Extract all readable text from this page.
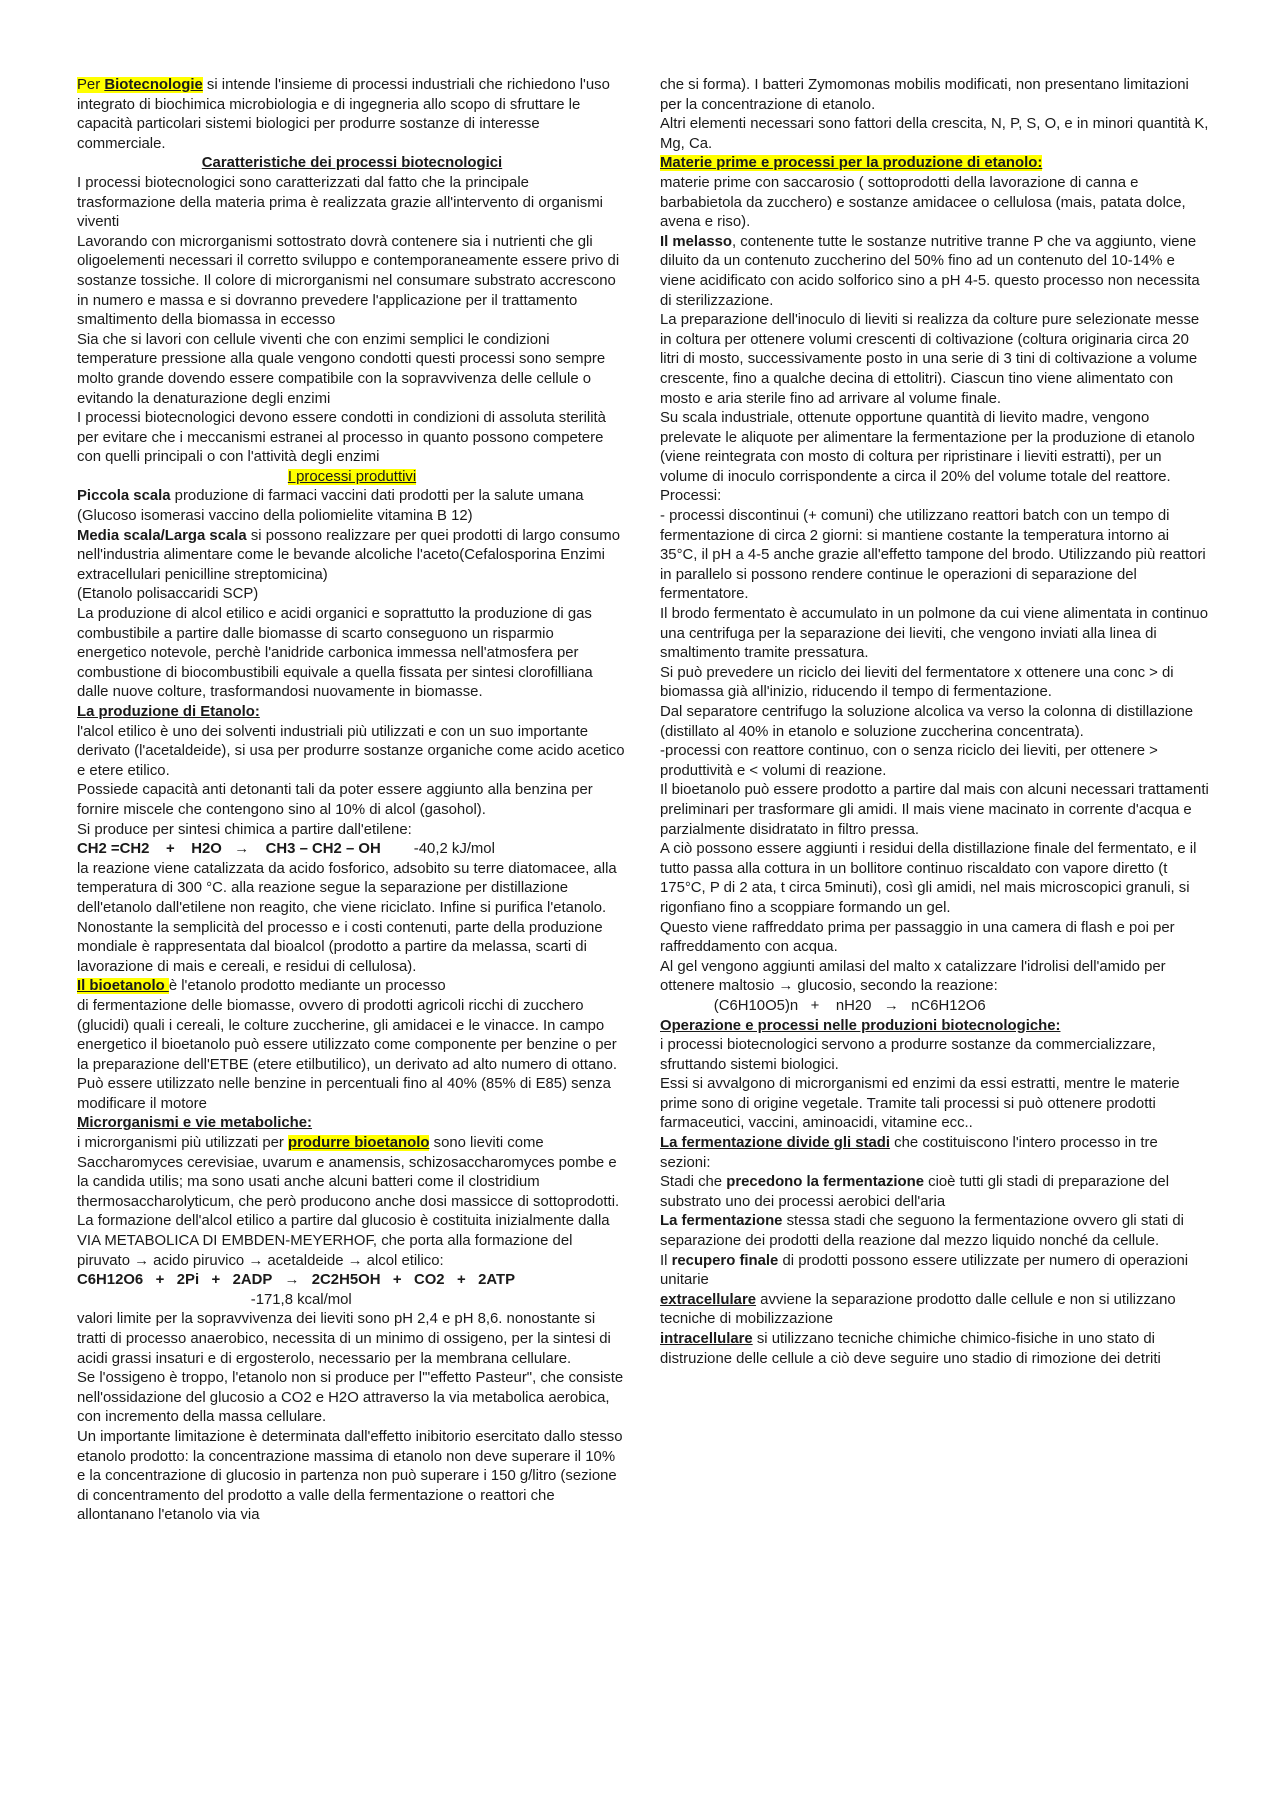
Per Biotecnologie si intende l'insieme di processi industriali che richiedono l'uso integrato di biochimica microbiologia e di ingegneria allo scopo di sfruttare le capacità particolari sistemi biologici per produrre sostanze di interesse commerciale.

Caratteristiche dei processi biotecnologici

I processi biotecnologici sono caratterizzati dal fatto che la principale trasformazione della materia prima è realizzata grazie all'intervento di organismi viventi

Lavorando con microrganismi sottostrato dovrà contenere sia i nutrienti che gli oligoelementi necessari il corretto sviluppo e contemporaneamente essere privo di sostanze tossiche. Il colore di microrganismi nel consumare substrato accrescono in numero e massa e si dovranno prevedere l'applicazione per il trattamento smaltimento della biomassa in eccesso

Sia che si lavori con cellule viventi che con enzimi semplici le condizioni temperature pressione alla quale vengono condotti questi processi sono sempre molto grande dovendo essere compatibile con la sopravvivenza delle cellule o evitando la denaturazione degli enzimi

I processi biotecnologici devono essere condotti in condizioni di assoluta sterilità per evitare che i meccanismi estranei al processo in quanto possono competere con quelli principali o con l'attività degli enzimi

I processi produttivi

Piccola scala produzione di farmaci vaccini dati prodotti per la salute umana (Glucoso isomerasi vaccino della poliomielite vitamina B 12)

Media scala/Larga scala si possono realizzare per quei prodotti di largo consumo nell'industria alimentare come le bevande alcoliche l'aceto(Cefalosporina Enzimi extracellulari penicilline streptomicina)

(Etanolo polisaccaridi SCP)

La produzione di alcol etilico e acidi organici e soprattutto la produzione di gas combustibile a partire dalle biomasse di scarto conseguono un risparmio energetico notevole, perchè l'anidride carbonica immessa nell'atmosfera per combustione di biocombustibili equivale a quella fissata per sintesi clorofilliana dalle nuove colture, trasformandosi nuovamente in biomasse.

La produzione di Etanolo:

l'alcol etilico è uno dei solventi industriali più utilizzati e con un suo importante derivato (l'acetaldeide), si usa per produrre sostanze organiche come acido acetico e etere etilico.

Possiede capacità anti detonanti tali da poter essere aggiunto alla benzina per fornire miscele che contengono sino al 10% di alcol (gasohol).

Si produce per sintesi chimica a partire dall'etilene:

CH2 =CH2    +    H2O   →    CH3 – CH2 – OH        -40,2 kJ/mol

la reazione viene catalizzata da acido fosforico, adsobito su terre diatomacee, alla temperatura di 300 °C. alla reazione segue la separazione per distillazione dell'etanolo dall'etilene non reagito, che viene riciclato. Infine si purifica l'etanolo.

Nonostante la semplicità del processo e i costi contenuti, parte della produzione mondiale è rappresentata dal bioalcol (prodotto a partire da melassa, scarti di lavorazione di mais e cereali, e residui di cellulosa).

Il bioetanolo è l'etanolo prodotto mediante un processo

di fermentazione delle biomasse, ovvero di prodotti agricoli ricchi di zucchero (glucidi) quali i cereali, le colture zuccherine, gli amidacei e le vinacce. In campo energetico il bioetanolo può essere utilizzato come componente per benzine o per la preparazione dell'ETBE (etere etilbutilico), un derivato ad alto numero di ottano. Può essere utilizzato nelle benzine in percentuali fino al 40% (85% di E85) senza modificare il motore

Microrganismi e vie metaboliche:

i microrganismi più utilizzati per produrre bioetanolo sono lieviti come Saccharomyces cerevisiae, uvarum e anamensis, schizosaccharomyces pombe e la candida utilis; ma sono usati anche alcuni batteri come il clostridium thermosaccharolyticum, che però producono anche dosi massicce di sottoprodotti.

La formazione dell'alcol etilico a partire dal glucosio è costituita inizialmente dalla VIA METABOLICA DI EMBDEN-MEYERHOF, che porta alla formazione del piruvato → acido piruvico → acetaldeide → alcol etilico:

C6H12O6   +   2Pi   +   2ADP   →   2C2H5OH   +   CO2   +   2ATP

-171,8 kcal/mol

valori limite per la sopravvivenza dei lieviti sono pH 2,4 e pH 8,6. nonostante si tratti di processo anaerobico, necessita di un minimo di ossigeno, per la sintesi di acidi grassi insaturi e di ergosterolo, necessario per la membrana cellulare.

Se l'ossigeno è troppo, l'etanolo non si produce per l'"effetto Pasteur", che consiste nell'ossidazione del glucosio a CO2 e H2O attraverso la via metabolica aerobica, con incremento della massa cellulare.

Un importante limitazione è determinata dall'effetto inibitorio esercitato dallo stesso etanolo prodotto: la concentrazione massima di etanolo non deve superare il 10% e la concentrazione di glucosio in partenza non può superare i 150 g/litro (sezione di concentramento del prodotto a valle della fermentazione o reattori che allontanano l'etanolo via via

che si forma). I batteri Zymomonas mobilis modificati, non presentano limitazioni per la concentrazione di etanolo.

Altri elementi necessari sono fattori della crescita, N, P, S, O, e in minori quantità K, Mg, Ca.

Materie prime e processi per la produzione di etanolo:

materie prime con saccarosio ( sottoprodotti della lavorazione di canna e barbabietola da zucchero) e sostanze amidacee o cellulosa (mais, patata dolce, avena e riso).

Il melasso, contenente tutte le sostanze nutritive tranne P che va aggiunto, viene diluito da un contenuto zuccherino del 50% fino ad un contenuto del 10-14% e viene acidificato con acido solforico sino a pH 4-5. questo processo non necessita di sterilizzazione.

La preparazione dell'inoculo di lieviti si realizza da colture pure selezionate messe in coltura per ottenere volumi crescenti di coltivazione (coltura originaria circa 20 litri di mosto, successivamente posto in una serie di 3 tini di coltivazione a volume crescente, fino a qualche decina di ettolitri). Ciascun tino viene alimentato con mosto e aria sterile fino ad arrivare al volume finale.

Su scala industriale, ottenute opportune quantità di lievito madre, vengono prelevate le aliquote per alimentare la fermentazione per la produzione di etanolo (viene reintegrata con mosto di coltura per ripristinare i lieviti estratti), per un volume di inoculo corrispondente a circa il 20% del volume totale del reattore.

Processi:

- processi discontinui (+ comuni) che utilizzano reattori batch con un tempo di fermentazione di circa 2 giorni: si mantiene costante la temperatura intorno ai 35°C, il pH a 4-5 anche grazie all'effetto tampone del brodo. Utilizzando più reattori in parallelo si possono rendere continue le operazioni di separazione del fermentatore.

Il brodo fermentato è accumulato in un polmone da cui viene alimentata in continuo una centrifuga per la separazione dei lieviti, che vengono inviati alla linea di smaltimento tramite pressatura.

Si può prevedere un riciclo dei lieviti del fermentatore x ottenere una conc > di biomassa già all'inizio, riducendo il tempo di fermentazione.

Dal separatore centrifugo la soluzione alcolica va verso la colonna di distillazione (distillato al 40% in etanolo e soluzione zuccherina concentrata).

-processi con reattore continuo, con o senza riciclo dei lieviti, per ottenere > produttività e < volumi di reazione.

Il bioetanolo può essere prodotto a partire dal mais con alcuni necessari trattamenti preliminari per trasformare gli amidi. Il mais viene macinato in corrente d'acqua e parzialmente disidratato in filtro pressa.

A ciò possono essere aggiunti i residui della distillazione finale del fermentato, e il tutto passa alla cottura in un bollitore continuo riscaldato con vapore diretto (t 175°C, P di 2 ata, t circa 5minuti), così gli amidi, nel mais microscopici granuli, si rigonfiano fino a scoppiare formando un gel.

Questo viene raffreddato prima per passaggio in una camera di flash e poi per raffreddamento con acqua.

Al gel vengono aggiunti amilasi del malto x catalizzare l'idrolisi dell'amido per ottenere maltosio → glucosio, secondo la reazione:

(C6H10O5)n   +    nH20   →   nC6H12O6

Operazione e processi nelle produzioni biotecnologiche:

i processi biotecnologici servono a produrre sostanze da commercializzare, sfruttando sistemi biologici.

Essi si avvalgono di microrganismi ed enzimi da essi estratti, mentre le materie prime sono di origine vegetale. Tramite tali processi si può ottenere prodotti farmaceutici, vaccini, aminoacidi, vitamine ecc..

La fermentazione divide gli stadi che costituiscono l'intero processo in tre sezioni:

Stadi che precedono la fermentazione cioè tutti gli stadi di preparazione del substrato uno dei processi aerobici dell'aria

La fermentazione stessa stadi che seguono la fermentazione ovvero gli stati di separazione dei prodotti della reazione dal mezzo liquido nonché da cellule.

Il recupero finale di prodotti possono essere utilizzate per numero di operazioni unitarie

extracellulare avviene la separazione prodotto dalle cellule e non si utilizzano tecniche di mobilizzazione

intracellulare si utilizzano tecniche chimiche chimico-fisiche in uno stato di distruzione delle cellule a ciò deve seguire uno stadio di rimozione dei detriti
